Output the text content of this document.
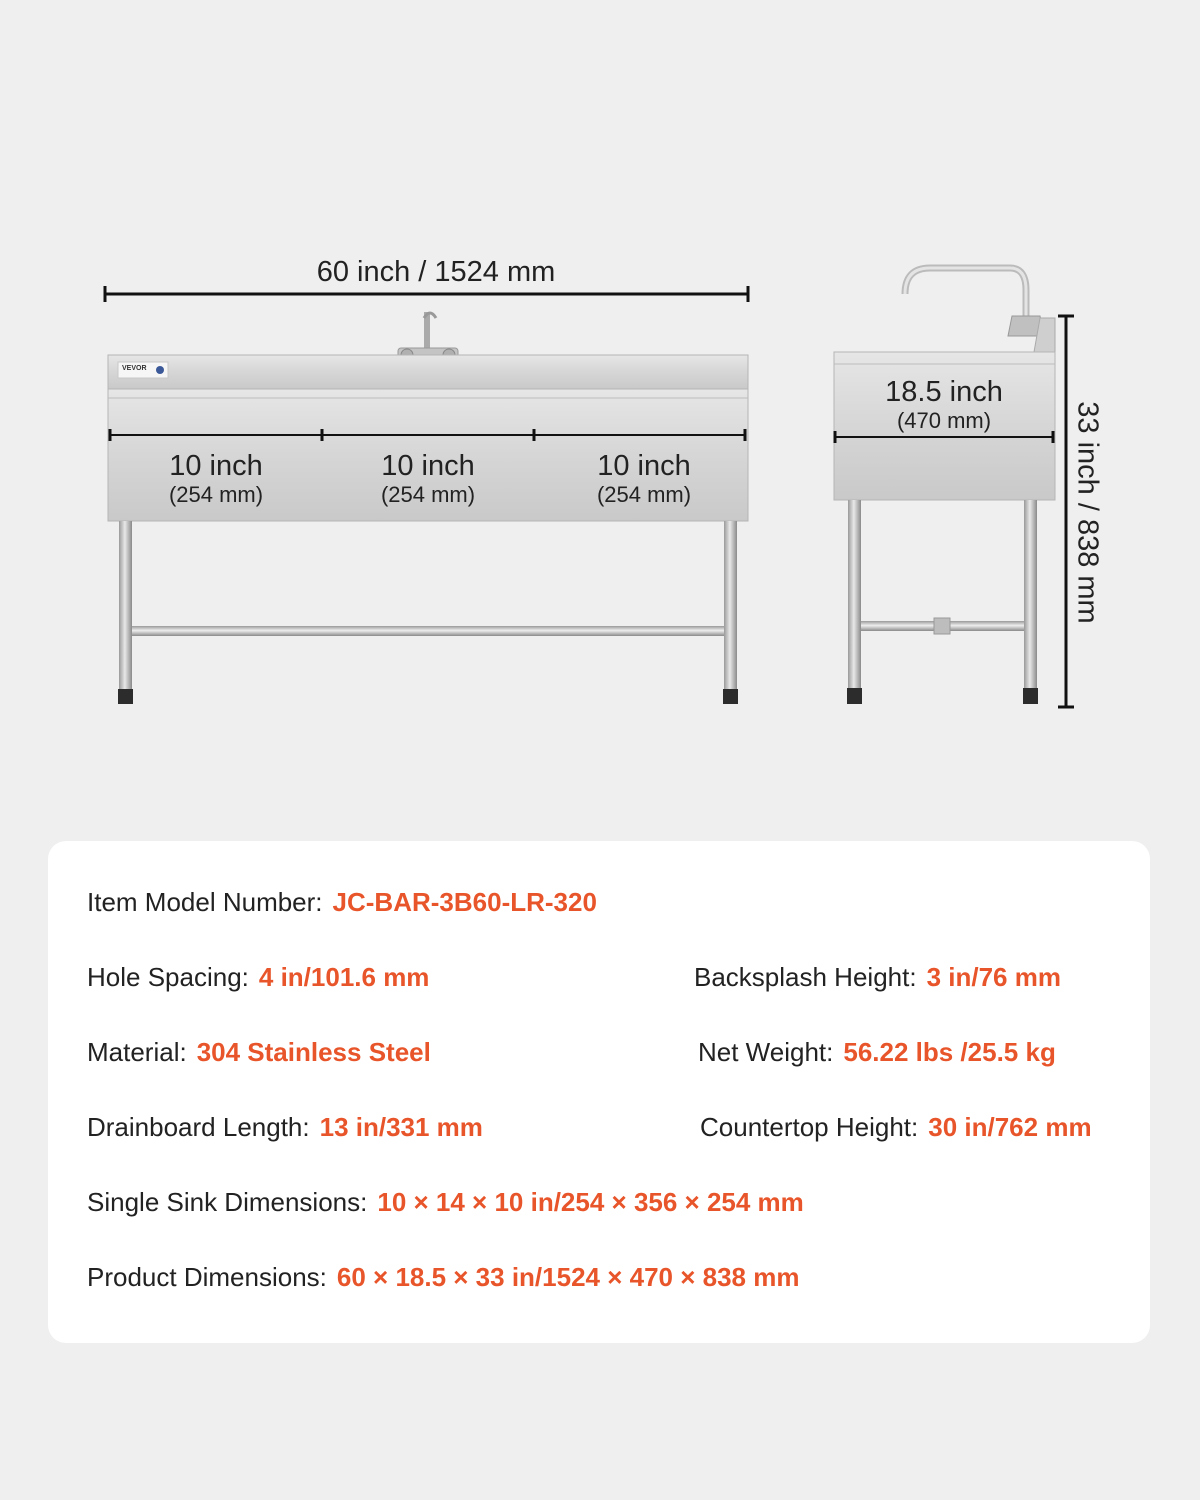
VEVOR
60 inch / 1524 mm
10 inch
(254 mm)
10 inch
(254 mm)
10 inch
(254 mm)
18.5 inch
(470 mm)	33 inch / 838 mm
Item Model Number: JC-BAR-3B60-LR-320
Hole Spacing: 4 in/101.6 mm	Backsplash Height: 3 in/76 mm
Material: 304 Stainless Steel	Net Weight: 56.22 lbs /25.5 kg
Drainboard Length: 13 in/331 mm	Countertop Height: 30 in/762 mm
Single Sink Dimensions: 10 × 14 × 10 in/254 × 356 × 254 mm
Product Dimensions: 60 × 18.5 × 33 in/1524 × 470 × 838 mm
